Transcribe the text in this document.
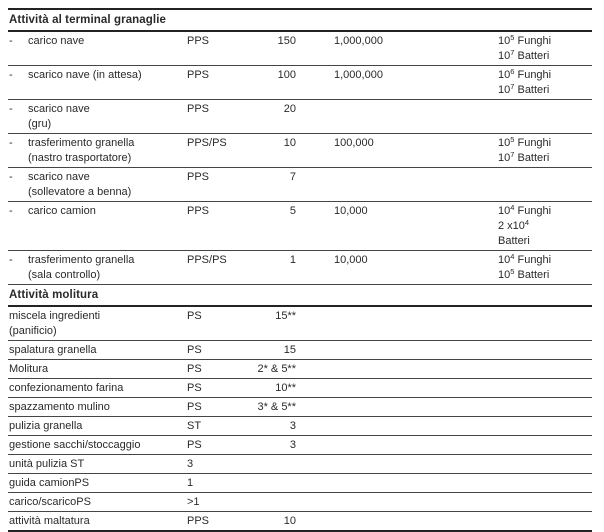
Attività al terminal granaglie
-	carico nave	PPS	150	1,000,000	$10^5$ Funghi
$10^7$ Batteri
-	scarico nave (in attesa)	PPS	100	1,000,000	$10^6$ Funghi
$10^7$ Batteri
-	scarico nave
(gru)
PPS	20
-	trasferimento granella
(nastro trasportatore)
PPS/PS	10	100,000	$10^5$ Funghi
$10^7$ Batteri
-	scarico nave
(sollevatore a benna)
PPS	7
-	carico camion	PPS	5	10,000	$10^4$ Funghi
2 $x10^4$
Batteri
-	trasferimento granella
(sala controllo)
PPS/PS	1	10,000	$10^4$ Funghi
$10^5$ Batteri
Attività molitura
miscela ingredienti
(panificio)
PS	15**
spalatura granella	PS	15
Molitura	PS	2* & 5**
confezionamento farina	PS	10**
spazzamento mulino	PS	3* & 5**
pulizia granella	ST	3
gestione sacchi/stoccaggio	PS	3
unità pulizia ST	3
guida camionPS	1
carico/scaricoPS	>1
attività maltatura	PPS	10
